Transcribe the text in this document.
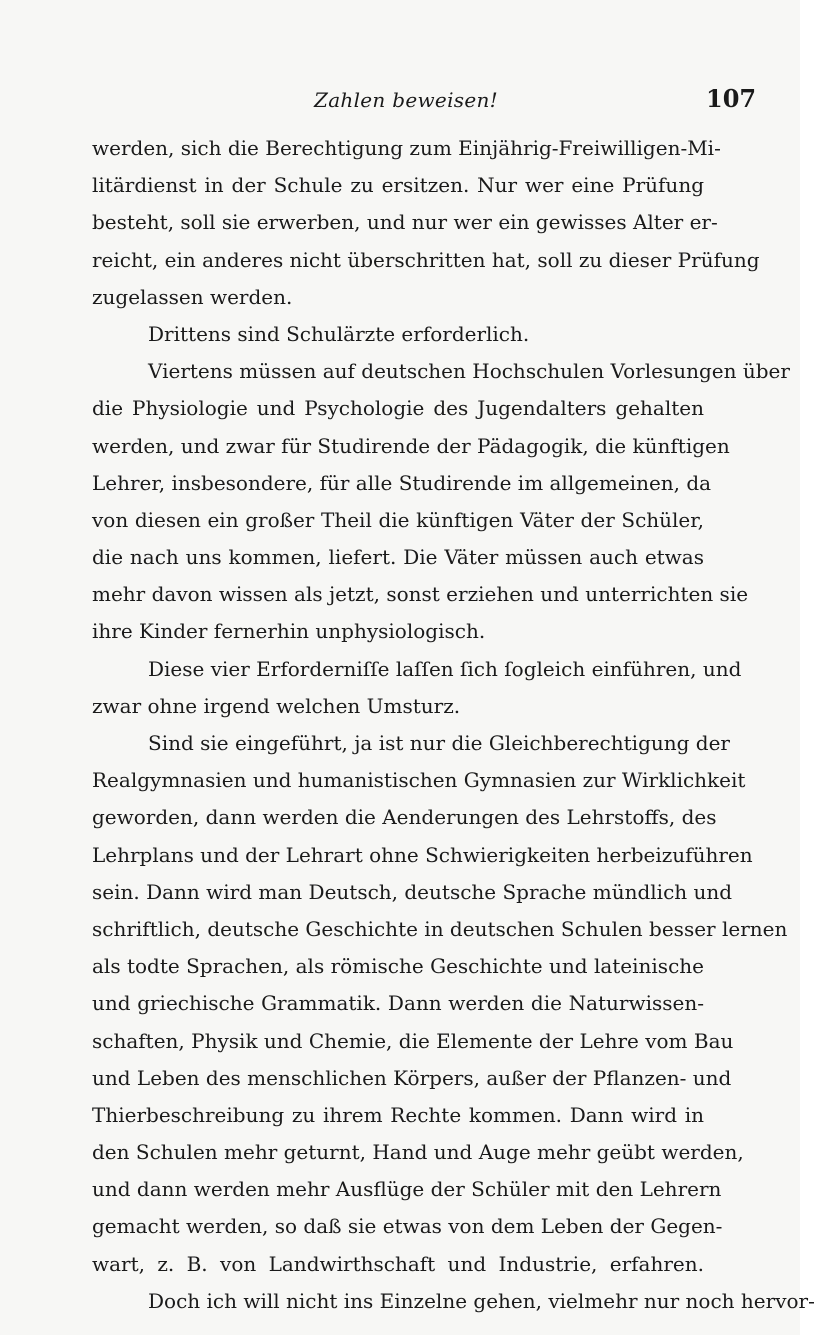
Zahlen beweisen!	107
werden, sich die Berechtigung zum Einjährig-Freiwilligen-Mi-
litärdienst in der Schule zu ersitzen. Nur wer eine Prüfung
besteht, soll sie erwerben, und nur wer ein gewisses Alter er-
reicht, ein anderes nicht überschritten hat, soll zu dieser Prüfung
zugelassen werden.
Drittens sind Schulärzte erforderlich.
Viertens müssen auf deutschen Hochschulen Vorlesungen über
die Physiologie und Psychologie des Jugendalters gehalten
werden, und zwar für Studirende der Pädagogik, die künftigen
Lehrer, insbesondere, für alle Studirende im allgemeinen, da
von diesen ein großer Theil die künftigen Väter der Schüler,
die nach uns kommen, liefert. Die Väter müssen auch etwas
mehr davon wissen als jetzt, sonst erziehen und unterrichten sie
ihre Kinder fernerhin unphysiologisch.
Diese vier Erforderniſſe laſſen ſich ſogleich einführen, und
zwar ohne irgend welchen Umsturz.
Sind sie eingeführt, ja ist nur die Gleichberechtigung der
Realgymnasien und humanistischen Gymnasien zur Wirklichkeit
geworden, dann werden die Aenderungen des Lehrstoffs, des
Lehrplans und der Lehrart ohne Schwierigkeiten herbeizuführen
sein. Dann wird man Deutsch, deutsche Sprache mündlich und
schriftlich, deutsche Geschichte in deutschen Schulen besser lernen
als todte Sprachen, als römische Geschichte und lateinische
und griechische Grammatik. Dann werden die Naturwissen-
schaften, Physik und Chemie, die Elemente der Lehre vom Bau
und Leben des menschlichen Körpers, außer der Pflanzen- und
Thierbeschreibung zu ihrem Rechte kommen. Dann wird in
den Schulen mehr geturnt, Hand und Auge mehr geübt werden,
und dann werden mehr Ausflüge der Schüler mit den Lehrern
gemacht werden, so daß sie etwas von dem Leben der Gegen-
wart, z. B. von Landwirthschaft und Industrie, erfahren.
Doch ich will nicht ins Einzelne gehen, vielmehr nur noch hervor-
